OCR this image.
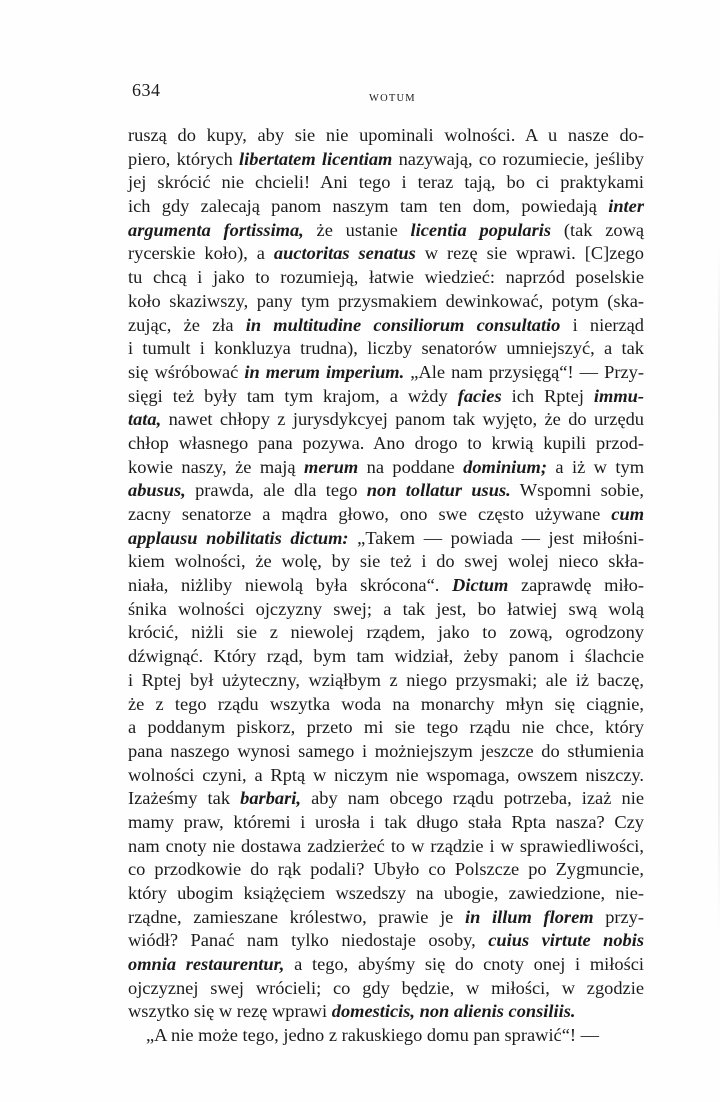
634	WOTUM
ruszą do kupy, aby sie nie upominali wolności. A u nasze do-
piero, których libertatem licentiam nazywają, co rozumiecie, jeśliby
jej skrócić nie chcieli! Ani tego i teraz tają, bo ci praktykami
ich gdy zalecają panom naszym tam ten dom, powiedają inter
argumenta fortissima, że ustanie licentia popularis (tak zową
rycerskie koło), a auctoritas senatus w rezę sie wprawi. [C]zego
tu chcą i jako to rozumieją, łatwie wiedzieć: naprzód poselskie
koło skaziwszy, pany tym przysmakiem dewinkować, potym (ska-
zując, że zła in multitudine consiliorum consultatio i nierząd
i tumult i konkluzya trudna), liczby senatorów umniejszyć, a tak
się wśróbować in merum imperium. „Ale nam przysięgą“! — Przy-
sięgi też były tam tym krajom, a wżdy facies ich Rptej immu-
tata, nawet chłopy z jurysdykcyej panom tak wyjęto, że do urzędu
chłop własnego pana pozywa. Ano drogo to krwią kupili przod-
kowie naszy, że mają merum na poddane dominium; a iż w tym
abusus, prawda, ale dla tego non tollatur usus. Wspomni sobie,
zacny senatorze a mądra głowo, ono swe często używane cum
applausu nobilitatis dictum: „Takem — powiada — jest miłośni-
kiem wolności, że wolę, by sie też i do swej wolej nieco skła-
niała, niżliby niewolą była skrócona“. Dictum zaprawdę miło-
śnika wolności ojczyzny swej; a tak jest, bo łatwiej swą wolą
krócić, niżli sie z niewolej rządem, jako to zową, ogrodzony
dźwignąć. Który rząd, bym tam widział, żeby panom i ślachcie
i Rptej był użyteczny, wziąłbym z niego przysmaki; ale iż baczę,
że z tego rządu wszytka woda na monarchy młyn się ciągnie,
a poddanym piskorz, przeto mi sie tego rządu nie chce, który
pana naszego wynosi samego i możniejszym jeszcze do stłumienia
wolności czyni, a Rptą w niczym nie wspomaga, owszem niszczy.
Izażeśmy tak barbari, aby nam obcego rządu potrzeba, izaż nie
mamy praw, któremi i urosła i tak długo stała Rpta nasza? Czy
nam cnoty nie dostawa zadzierżeć to w rządzie i w sprawiedliwości,
co przodkowie do rąk podali? Ubyło co Polszcze po Zygmuncie,
który ubogim książęciem wszedszy na ubogie, zawiedzione, nie-
rządne, zamieszane królestwo, prawie je in illum florem przy-
wiódł? Panać nam tylko niedostaje osoby, cuius virtute nobis
omnia restaurentur, a tego, abyśmy się do cnoty onej i miłości
ojczyznej swej wrócieli; co gdy będzie, w miłości, w zgodzie
wszytko się w rezę wprawi domesticis, non alienis consiliis.
„A nie może tego, jedno z rakuskiego domu pan sprawić“! —
